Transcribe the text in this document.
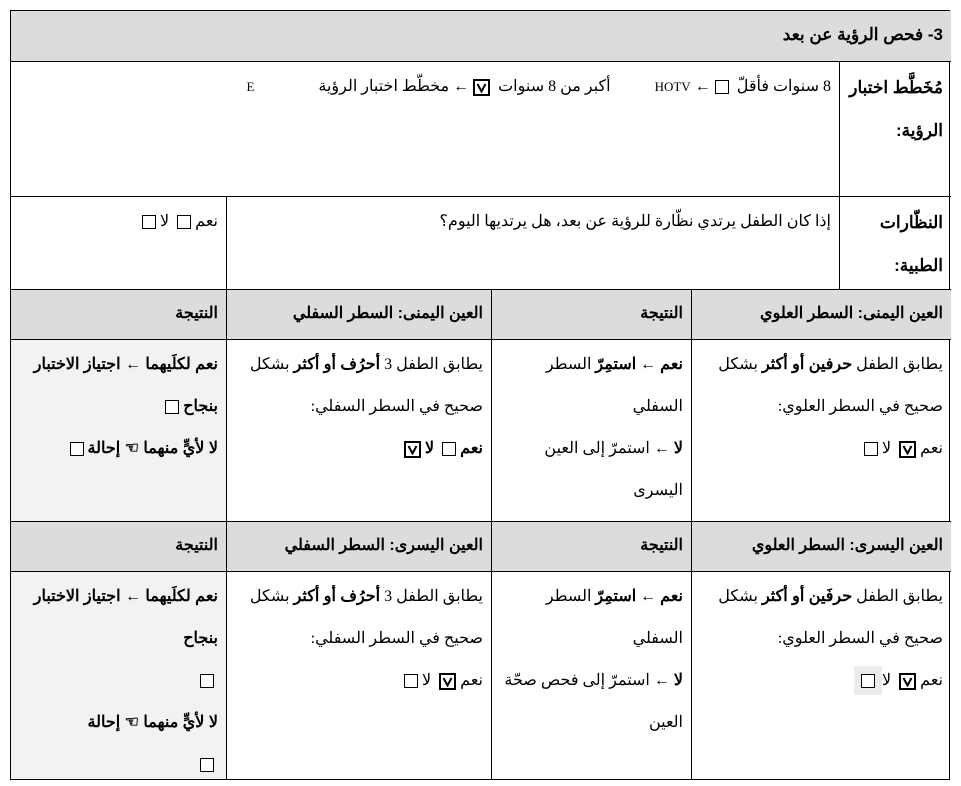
3- فحص الرؤية عن بعد
مُخَطَّط اختبار الرؤية:
8 سنوات فأقلّ ← HOTV أكبر من 8 سنوات
← مخطّط اختبار الرؤية E
النظّارات الطبية:
إذا كان الطفل يرتدي نظّارة للرؤية عن بعد، هل يرتديها اليوم؟
نعم لا
العين اليمنى: السطر العلوي
النتيجة
العين اليمنى: السطر السفلي
النتيجة
يطابق الطفل حرفين أو أكثر بشكل صحيح في السطر العلوي:
نعم
لا
نعم ← استمِرّ السطر السفلي
لا ← استمرّ إلى العين اليسرى
يطابق الطفل 3 أحرُف أو أكثر بشكل صحيح في السطر السفلي:
نعم لا
نعم لكلَيهما ← اجتياز الاختبار بنجاح
لا لأيٍّ منهما ☜ إحالة
العين اليسرى: السطر العلوي
النتيجة
العين اليسرى: السطر السفلي
النتيجة
يطابق الطفل حرفَين أو أكثر بشكل صحيح في السطر العلوي:
نعم
لا
نعم ← استمِرّ السطر السفلي
لا ← استمرّ إلى فحص صحّة العين
يطابق الطفل 3 أحرُف أو أكثر بشكل صحيح في السطر السفلي:
نعم
لا
نعم لكلَيهما ← اجتياز الاختبار بنجاح

لا لأيٍّ منهما ☜ إحالة
